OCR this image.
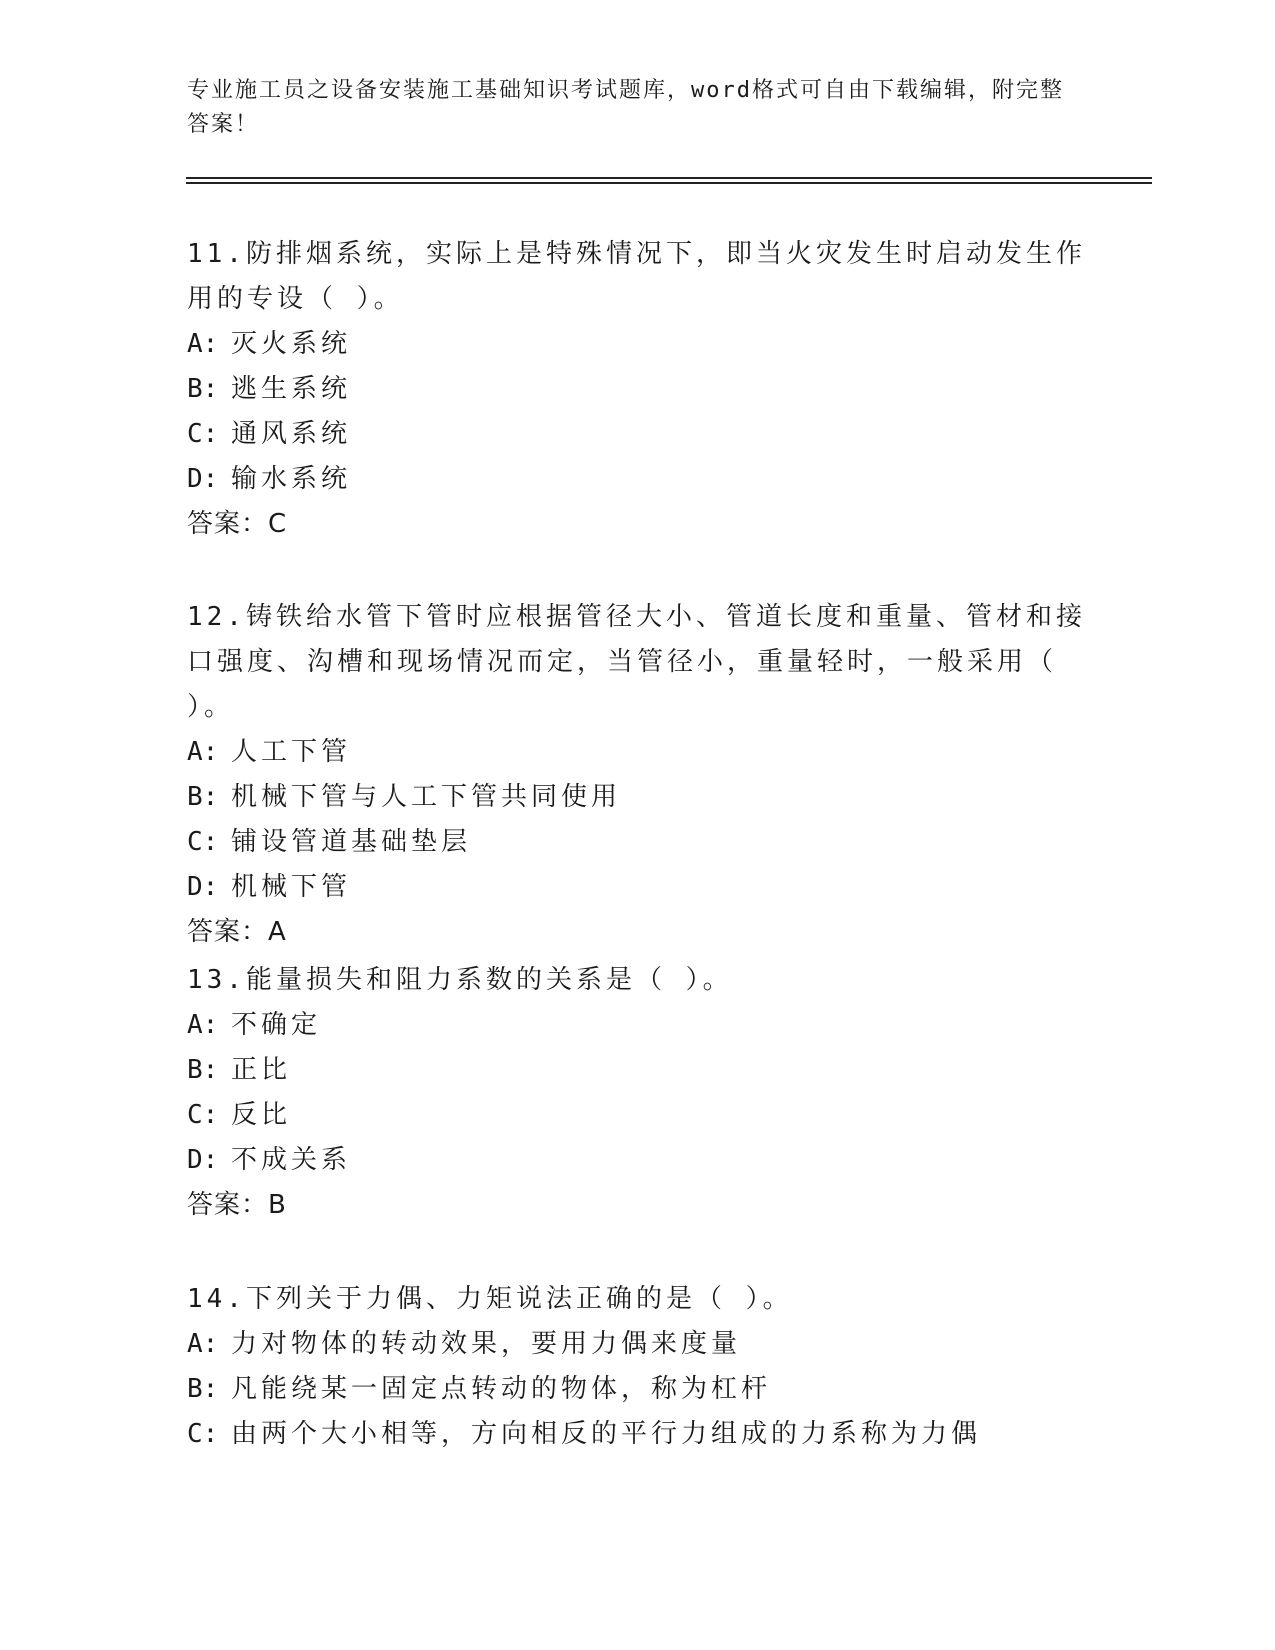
专业施工员之设备安装施工基础知识考试题库，word格式可自由下载编辑，附完整答案！

11.防排烟系统，实际上是特殊情况下，即当火灾发生时启动发生作用的专设（ ）。

A: 灭火系统
B: 逃生系统
C: 通风系统
D: 输水系统
答案：C

12.铸铁给水管下管时应根据管径大小、管道长度和重量、管材和接口强度、沟槽和现场情况而定，当管径小，重量轻时，一般采用（ ）。

A: 人工下管
B: 机械下管与人工下管共同使用
C: 铺设管道基础垫层
D: 机械下管
答案：A

13.能量损失和阻力系数的关系是（ ）。

A: 不确定
B: 正比
C: 反比
D: 不成关系
答案：B

14.下列关于力偶、力矩说法正确的是（ ）。

A: 力对物体的转动效果，要用力偶来度量
B: 凡能绕某一固定点转动的物体，称为杠杆
C: 由两个大小相等，方向相反的平行力组成的力系称为力偶
